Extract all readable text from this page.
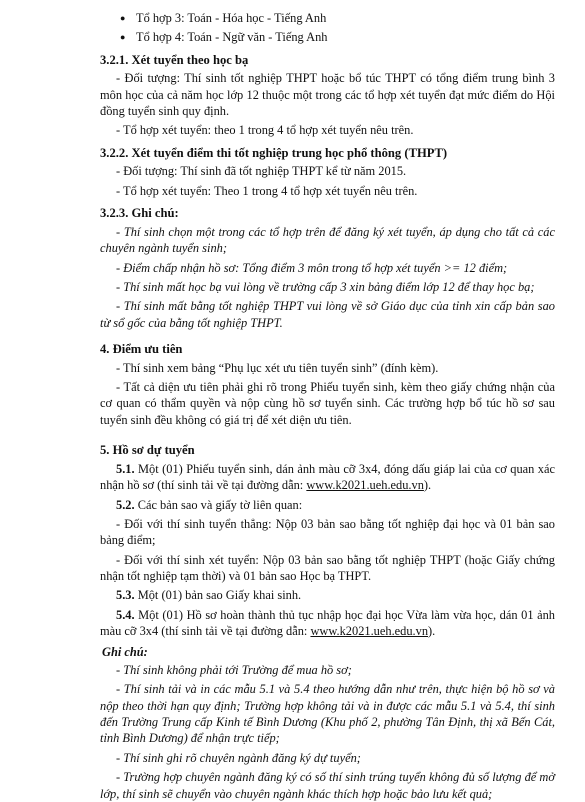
● Tổ hợp 3: Toán - Hóa học - Tiếng Anh
● Tổ hợp 4: Toán - Ngữ văn - Tiếng Anh
3.2.1. Xét tuyển theo học bạ

- Đối tượng: Thí sinh tốt nghiệp THPT hoặc bổ túc THPT có tổng điểm trung bình 3 môn học của cả năm học lớp 12 thuộc một trong các tổ hợp xét tuyển đạt mức điểm do Hội đồng tuyển sinh quy định.

- Tổ hợp xét tuyển: theo 1 trong 4 tổ hợp xét tuyển nêu trên.

3.2.2. Xét tuyển điểm thi tốt nghiệp trung học phổ thông (THPT)

- Đối tượng: Thí sinh đã tốt nghiệp THPT kể từ năm 2015.

- Tổ hợp xét tuyển: Theo 1 trong 4 tổ hợp xét tuyển nêu trên.

3.2.3. Ghi chú:

- Thí sinh chọn một trong các tổ hợp trên để đăng ký xét tuyển, áp dụng cho tất cả các chuyên ngành tuyển sinh;

- Điểm chấp nhận hồ sơ: Tổng điểm 3 môn trong tổ hợp xét tuyển >= 12 điểm;

- Thí sinh mất học bạ vui lòng về trường cấp 3 xin bảng điểm lớp 12 để thay học bạ;

- Thí sinh mất bằng tốt nghiệp THPT vui lòng về sở Giáo dục của tỉnh xin cấp bản sao từ sổ gốc của bằng tốt nghiệp THPT.

4. Điểm ưu tiên

- Thí sinh xem bảng “Phụ lục xét ưu tiên tuyển sinh” (đính kèm).

- Tất cả diện ưu tiên phải ghi rõ trong Phiếu tuyển sinh, kèm theo giấy chứng nhận của cơ quan có thẩm quyền và nộp cùng hồ sơ tuyển sinh. Các trường hợp bổ túc hồ sơ sau tuyển sinh đều không có giá trị để xét diện ưu tiên.

5. Hồ sơ dự tuyển

5.1. Một (01) Phiếu tuyển sinh, dán ảnh màu cỡ 3x4, đóng dấu giáp lai của cơ quan xác nhận hồ sơ (thí sinh tải về tại đường dẫn: www.k2021.ueh.edu.vn).

5.2. Các bản sao và giấy tờ liên quan:

- Đối với thí sinh tuyển thẳng: Nộp 03 bản sao bằng tốt nghiệp đại học và 01 bản sao bảng điểm;

- Đối với thí sinh xét tuyển: Nộp 03 bản sao bằng tốt nghiệp THPT (hoặc Giấy chứng nhận tốt nghiệp tạm thời) và 01 bản sao Học bạ THPT.

5.3. Một (01) bản sao Giấy khai sinh.

5.4. Một (01) Hồ sơ hoàn thành thủ tục nhập học đại học Vừa làm vừa học, dán 01 ảnh màu cỡ 3x4 (thí sinh tải về tại đường dẫn: www.k2021.ueh.edu.vn).

Ghi chú:

- Thí sinh không phải tới Trường để mua hồ sơ;

- Thí sinh tải và in các mẫu 5.1 và 5.4 theo hướng dẫn như trên, thực hiện bộ hồ sơ và nộp theo thời hạn quy định; Trường hợp không tải và in được các mẫu 5.1 và 5.4, thí sinh đến Trường Trung cấp Kinh tế Bình Dương (Khu phố 2, phường Tân Định, thị xã Bến Cát, tỉnh Bình Dương) để nhận trực tiếp;

- Thí sinh ghi rõ chuyên ngành đăng ký dự tuyển;

- Trường hợp chuyên ngành đăng ký có số thí sinh trúng tuyển không đủ số lượng để mở lớp, thí sinh sẽ chuyển vào chuyên ngành khác thích hợp hoặc bảo lưu kết quả;
